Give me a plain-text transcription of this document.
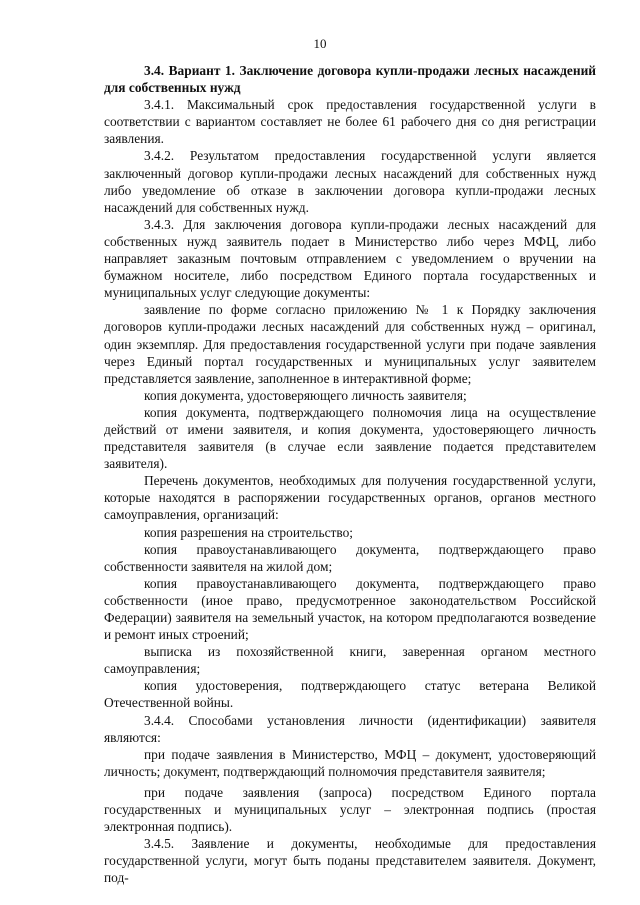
10

3.4. Вариант 1. Заключение договора купли-продажи лесных насаждений для собственных нужд

3.4.1. Максимальный срок предоставления государственной услуги в соответствии с вариантом составляет не более 61 рабочего дня со дня регистрации заявления.

3.4.2. Результатом предоставления государственной услуги является заключенный договор купли-продажи лесных насаждений для собственных нужд либо уведомление об отказе в заключении договора купли-продажи лесных насаждений для собственных нужд.

3.4.3. Для заключения договора купли-продажи лесных насаждений для собственных нужд заявитель подает в Министерство либо через МФЦ, либо направляет заказным почтовым отправлением с уведомлением о вручении на бумажном носителе, либо посредством Единого портала государственных и муниципальных услуг следующие документы:

заявление по форме согласно приложению № 1 к Порядку заключения договоров купли-продажи лесных насаждений для собственных нужд – оригинал, один экземпляр. Для предоставления государственной услуги при подаче заявления через Единый портал государственных и муниципальных услуг заявителем представляется заявление, заполненное в интерактивной форме;

копия документа, удостоверяющего личность заявителя;

копия документа, подтверждающего полномочия лица на осуществление действий от имени заявителя, и копия документа, удостоверяющего личность представителя заявителя (в случае если заявление подается представителем заявителя).

Перечень документов, необходимых для получения государственной услуги, которые находятся в распоряжении государственных органов, органов местного самоуправления, организаций:

копия разрешения на строительство;

копия правоустанавливающего документа, подтверждающего право собственности заявителя на жилой дом;

копия правоустанавливающего документа, подтверждающего право собственности (иное право, предусмотренное законодательством Российской Федерации) заявителя на земельный участок, на котором предполагаются возведение и ремонт иных строений;

выписка из похозяйственной книги, заверенная органом местного самоуправления;

копия удостоверения, подтверждающего статус ветерана Великой Отечественной войны.

3.4.4. Способами установления личности (идентификации) заявителя являются:

при подаче заявления в Министерство, МФЦ – документ, удостоверяющий личность; документ, подтверждающий полномочия представителя заявителя;

при подаче заявления (запроса) посредством Единого портала государственных и муниципальных услуг – электронная подпись (простая электронная подпись).

3.4.5. Заявление и документы, необходимые для предоставления государственной услуги, могут быть поданы представителем заявителя. Документ, под-
